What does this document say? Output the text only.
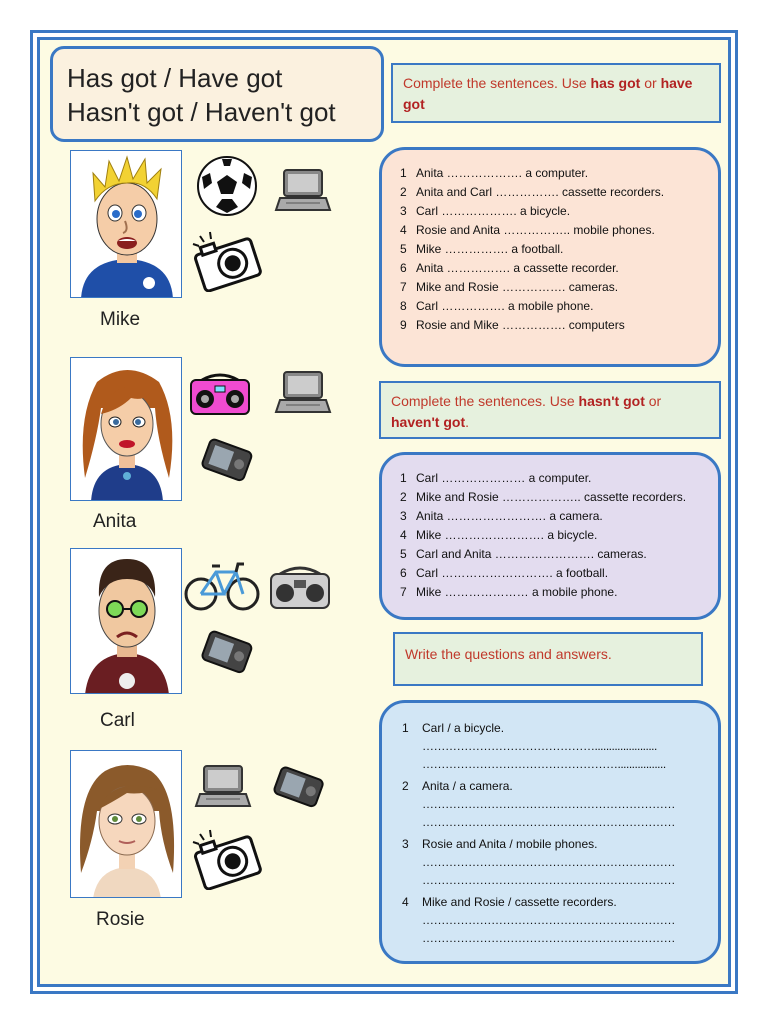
Has got / Have got
Hasn't got / Haven't got
Complete the sentences. Use has got or have got
1 Anita ………………. a computer.
2 Anita and Carl ……………. cassette recorders.
3 Carl ………………. a bicycle.
4 Rosie and Anita …………….. mobile phones.
5 Mike ……………. a football.
6 Anita ……………. a cassette recorder.
7 Mike and Rosie ……………. cameras.
8 Carl ……………. a mobile phone.
9 Rosie and Mike ……………. computers
Complete the sentences. Use hasn't got or haven't got.
1 Carl ………………… a computer.
2 Mike and Rosie ……………….. cassette recorders.
3 Anita ……………………. a camera.
4 Mike ……………………. a bicycle.
5 Carl and Anita ……………………. cameras.
6 Carl ………………………. a football.
7 Mike ………………… a mobile phone.
Write the questions and answers.
1 Carl / a bicycle.
………………………………………......................
…………………………………………….................
2 Anita / a camera.
…………………………………………………………
…………………………………………………………
3 Rosie and Anita / mobile phones.
…………………………………………………………
…………………………………………………………
4 Mike and Rosie / cassette recorders.
…………………………………………………………
…………………………………………………………
Mike
Anita
Carl
Rosie
